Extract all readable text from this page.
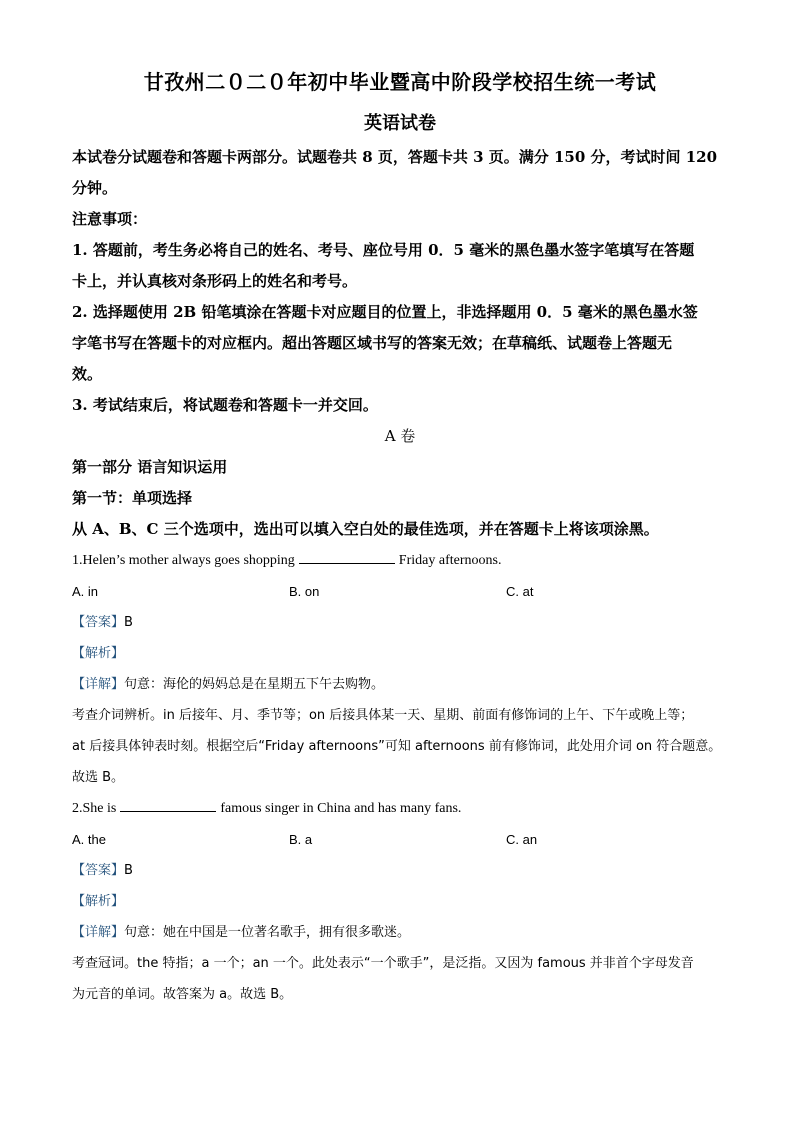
甘孜州二０二０年初中毕业暨高中阶段学校招生统一考试
英语试卷

本试卷分试题卷和答题卡两部分。试题卷共 8 页，答题卡共 3 页。满分 150 分，考试时间 120

分钟。

注意事项：

1. 答题前，考生务必将自己的姓名、考号、座位号用 0．5 毫米的黑色墨水签字笔填写在答题

卡上，并认真核对条形码上的姓名和考号。

2. 选择题使用 2B 铅笔填涂在答题卡对应题目的位置上，非选择题用 0．5 毫米的黑色墨水签

字笔书写在答题卡的对应框内。超出答题区域书写的答案无效；在草稿纸、试题卷上答题无

效。

3. 考试结束后，将试题卷和答题卡一并交回。

A 卷

第一部分 语言知识运用

第一节：单项选择

从 A、B、C 三个选项中，选出可以填入空白处的最佳选项，并在答题卡上将该项涂黑。

1.Helen’s mother always goes shopping	Friday afternoons.

A. in	B. on	C. at

【答案】B

【解析】

【详解】句意：海伦的妈妈总是在星期五下午去购物。

考查介词辨析。in 后接年、月、季节等；on 后接具体某一天、星期、前面有修饰词的上午、下午或晚上等；

at 后接具体钟表时刻。根据空后“Friday afternoons”可知 afternoons 前有修饰词，此处用介词 on 符合题意。

故选 B。

2.She is	famous singer in China and has many fans.

A. the	B. a	C. an

【答案】B

【解析】

【详解】句意：她在中国是一位著名歌手，拥有很多歌迷。

考查冠词。the 特指；a 一个；an 一个。此处表示“一个歌手”，是泛指。又因为 famous 并非首个字母发音

为元音的单词。故答案为 a。故选 B。
